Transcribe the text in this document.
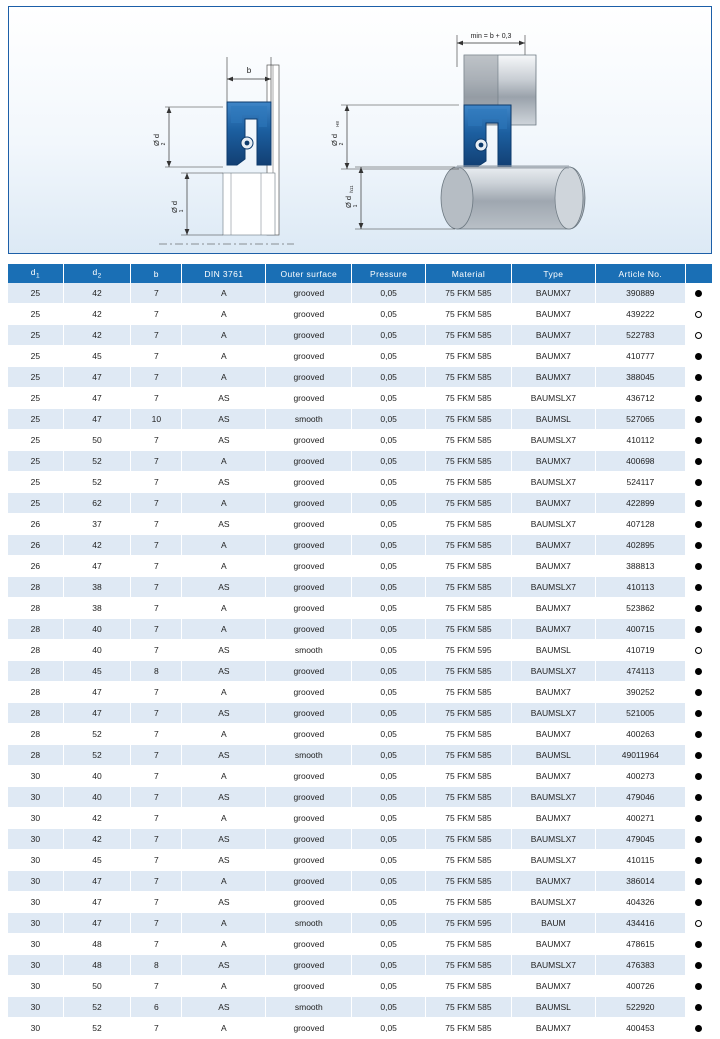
b
Ø d 2
Ø d 1
min = b + 0,3
Ø d 2
H8
Ø d 1
h11
$d_1$	$d_2$	b	DIN 3761	Outer surface	Pressure	Material	Type	Article No.	
25	42	7	A	grooved	0,05	75 FKM 585	BAUMX7	390889	
25	42	7	A	grooved	0,05	75 FKM 585	BAUMX7	439222	
25	42	7	A	grooved	0,05	75 FKM 585	BAUMX7	522783	
25	45	7	A	grooved	0,05	75 FKM 585	BAUMX7	410777	
25	47	7	A	grooved	0,05	75 FKM 585	BAUMX7	388045	
25	47	7	AS	grooved	0,05	75 FKM 585	BAUMSLX7	436712	
25	47	10	AS	smooth	0,05	75 FKM 585	BAUMSL	527065	
25	50	7	AS	grooved	0,05	75 FKM 585	BAUMSLX7	410112	
25	52	7	A	grooved	0,05	75 FKM 585	BAUMX7	400698	
25	52	7	AS	grooved	0,05	75 FKM 585	BAUMSLX7	524117	
25	62	7	A	grooved	0,05	75 FKM 585	BAUMX7	422899	
26	37	7	AS	grooved	0,05	75 FKM 585	BAUMSLX7	407128	
26	42	7	A	grooved	0,05	75 FKM 585	BAUMX7	402895	
26	47	7	A	grooved	0,05	75 FKM 585	BAUMX7	388813	
28	38	7	AS	grooved	0,05	75 FKM 585	BAUMSLX7	410113	
28	38	7	A	grooved	0,05	75 FKM 585	BAUMX7	523862	
28	40	7	A	grooved	0,05	75 FKM 585	BAUMX7	400715	
28	40	7	AS	smooth	0,05	75 FKM 595	BAUMSL	410719	
28	45	8	AS	grooved	0,05	75 FKM 585	BAUMSLX7	474113	
28	47	7	A	grooved	0,05	75 FKM 585	BAUMX7	390252	
28	47	7	AS	grooved	0,05	75 FKM 585	BAUMSLX7	521005	
28	52	7	A	grooved	0,05	75 FKM 585	BAUMX7	400263	
28	52	7	AS	smooth	0,05	75 FKM 585	BAUMSL	49011964	
30	40	7	A	grooved	0,05	75 FKM 585	BAUMX7	400273	
30	40	7	AS	grooved	0,05	75 FKM 585	BAUMSLX7	479046	
30	42	7	A	grooved	0,05	75 FKM 585	BAUMX7	400271	
30	42	7	AS	grooved	0,05	75 FKM 585	BAUMSLX7	479045	
30	45	7	AS	grooved	0,05	75 FKM 585	BAUMSLX7	410115	
30	47	7	A	grooved	0,05	75 FKM 585	BAUMX7	386014	
30	47	7	AS	grooved	0,05	75 FKM 585	BAUMSLX7	404326	
30	47	7	A	smooth	0,05	75 FKM 595	BAUM	434416	
30	48	7	A	grooved	0,05	75 FKM 585	BAUMX7	478615	
30	48	8	AS	grooved	0,05	75 FKM 585	BAUMSLX7	476383	
30	50	7	A	grooved	0,05	75 FKM 585	BAUMX7	400726	
30	52	6	AS	smooth	0,05	75 FKM 585	BAUMSL	522920	
30	52	7	A	grooved	0,05	75 FKM 585	BAUMX7	400453	
